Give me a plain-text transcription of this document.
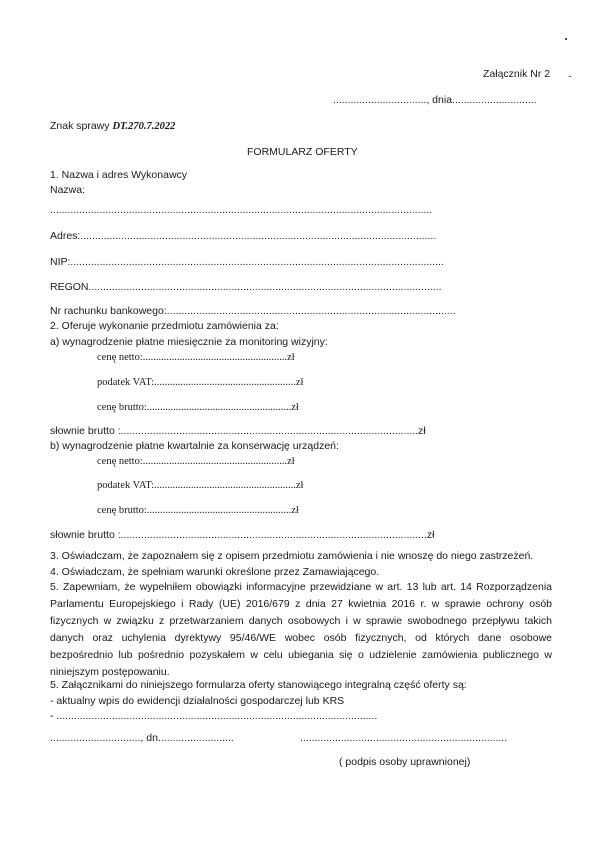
Załącznik Nr 2
................................, dnia.............................
Znak sprawy DT.270.7.2022
FORMULARZ OFERTY
1. Nazwa i adres Wykonawcy
Nazwa:
...................................................................................................................................
Adres:..........................................................................................................................
NIP:................................................................................................................................
REGON.........................................................................................................................
Nr rachunku bankowego:...................................................................................................
2. Oferuje wykonanie przedmiotu zamówienia za:
a) wynagrodzenie płatne miesięcznie za monitoring wizyjny:
cenę netto:.......................................................zł
podatek VAT:......................................................zł
cenę brutto:.......................................................zł
słownie brutto :......................................................................................................zł
b) wynagrodzenie płatne kwartalnie za konserwację urządzeń:
cenę netto:.......................................................zł
podatek VAT:......................................................zł
cenę brutto:.......................................................zł
słownie brutto :.........................................................................................................zł
3. Oświadczam, że zapoznałem się z opisem przedmiotu zamówienia i nie wnoszę do niego zastrzeżeń.
4. Oświadczam, że spełniam warunki określone przez Zamawiającego.
5. Zapewniam, że wypełniłem obowiązki informacyjne przewidziane w art. 13 lub art. 14 Rozporządzenia Parlamentu Europejskiego i Rady (UE) 2016/679 z dnia 27 kwietnia 2016 r. w sprawie ochrony osób fizycznych w związku z przetwarzaniem danych osobowych i w sprawie swobodnego przepływu takich danych oraz uchylenia dyrektywy 95/46/WE wobec osób fizycznych, od których dane osobowe bezpośrednio lub pośrednio pozyskałem w celu ubiegania się o udzielenie zamówienia publicznego w niniejszym postępowaniu.
5. Załącznikami do niniejszego formularza oferty stanowiącego integralną część oferty są:
- aktualny wpis do ewidencji działalności gospodarczej lub KRS
- ..............................................................................................................
..............................., dn..........................	.......................................................................
( podpis osoby uprawnionej)
